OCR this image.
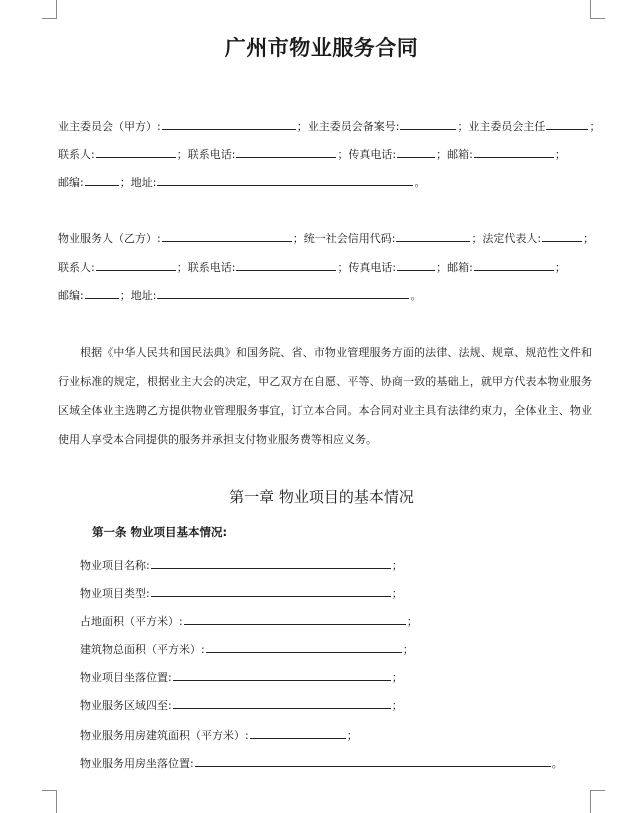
广州市物业服务合同
业主委员会（甲方）:	；业主委员会备案号:	；业主委员会主任	；
联系人:	；联系电话:	；传真电话:	；邮箱:	；
邮编:	；地址:	。
物业服务人（乙方）:	；统一社会信用代码:	；法定代表人:	；
联系人:	；联系电话:	；传真电话:	；邮箱:	；
邮编:	；地址:	。

根据《中华人民共和国民法典》和国务院、省、市物业管理服务方面的法律、法规、规章、规范性文件和行业标准的规定，根据业主大会的决定，甲乙双方在自愿、平等、协商一致的基础上，就甲方代表本物业服务区域全体业主选聘乙方提供物业管理服务事宜，订立本合同。本合同对业主具有法律约束力，全体业主、物业使用人享受本合同提供的服务并承担支付物业服务费等相应义务。

第一章 物业项目的基本情况
第一条 物业项目基本情况:
物业项目名称:	；
物业项目类型:	；
占地面积（平方米）:	；
建筑物总面积（平方米）:	；
物业项目坐落位置:	；
物业服务区域四至:	；
物业服务用房建筑面积（平方米）:	；
物业服务用房坐落位置:	。
